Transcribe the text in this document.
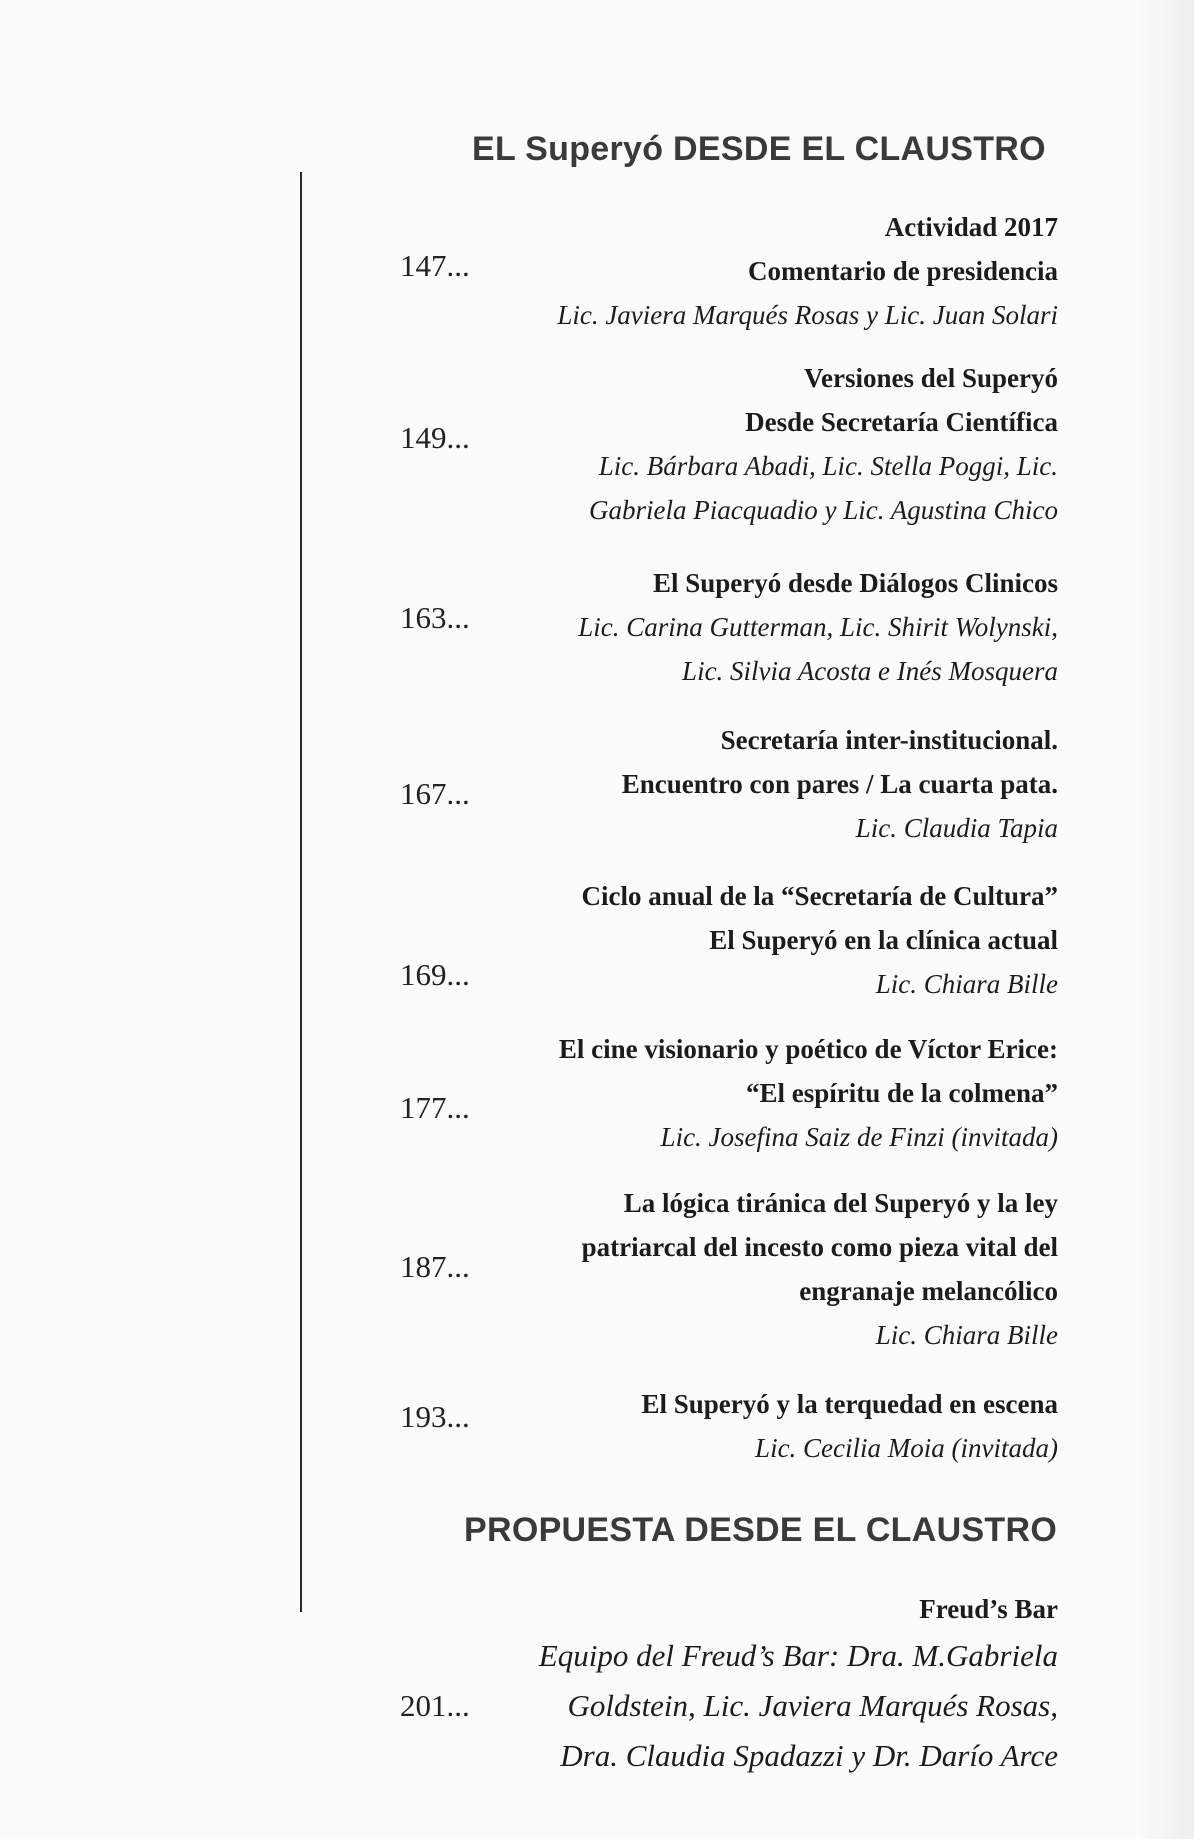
EL Superyó DESDE EL CLAUSTRO
PROPUESTA DESDE EL CLAUSTRO
147...
Actividad 2017
Comentario de presidencia
Lic. Javiera Marqués Rosas y Lic. Juan Solari
149...
Versiones del Superyó
Desde Secretaría Científica
Lic. Bárbara Abadi, Lic. Stella Poggi, Lic.
Gabriela Piacquadio y Lic. Agustina Chico
163...
El Superyó desde Diálogos Clinicos
Lic. Carina Gutterman, Lic. Shirit Wolynski,
Lic. Silvia Acosta e Inés Mosquera
167...
Secretaría inter-institucional.
Encuentro con pares / La cuarta pata.
Lic. Claudia Tapia
169...
Ciclo anual de la “Secretaría de Cultura”
El Superyó en la clínica actual
Lic. Chiara Bille
177...
El cine visionario y poético de Víctor Erice:
“El espíritu de la colmena”
Lic. Josefina Saiz de Finzi (invitada)
187...
La lógica tiránica del Superyó y la ley
patriarcal del incesto como pieza vital del
engranaje melancólico
Lic. Chiara Bille
193...	El Superyó y la terquedad en escena
Lic. Cecilia Moia (invitada)
201...
Freud’s Bar
Equipo del Freud’s Bar: Dra. M.Gabriela
Goldstein, Lic. Javiera Marqués Rosas,
Dra. Claudia Spadazzi y Dr. Darío Arce
